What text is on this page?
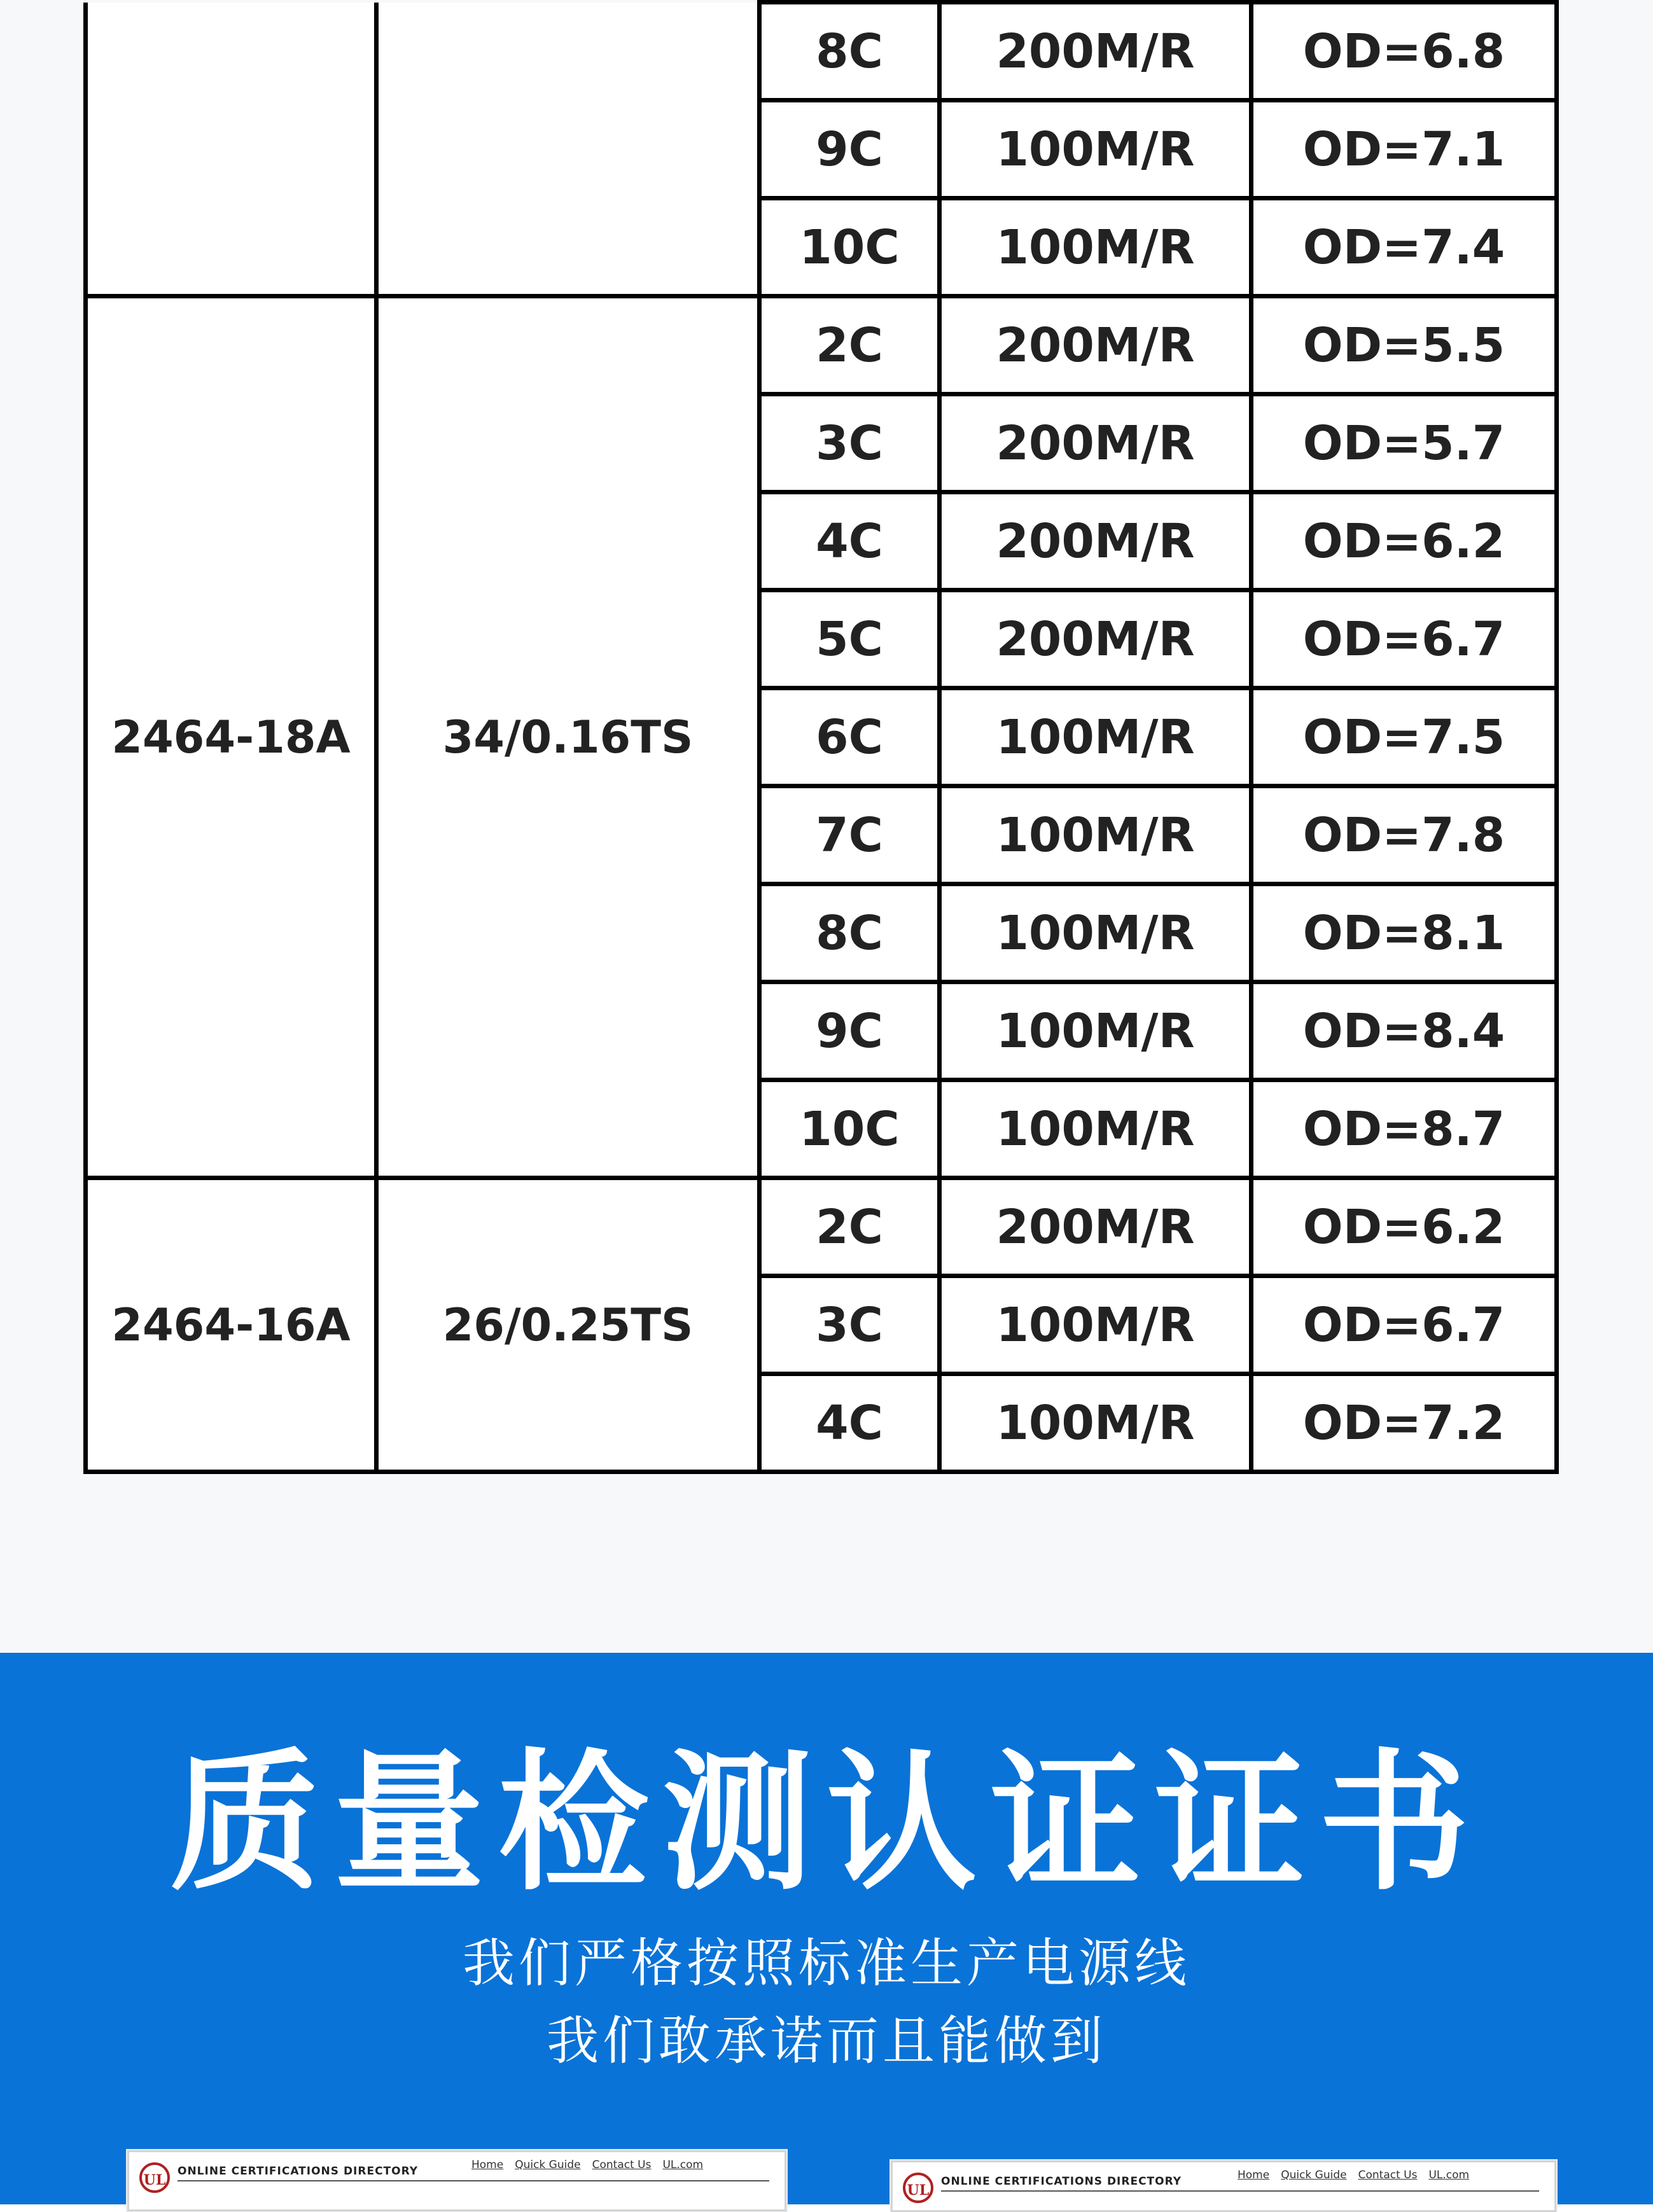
		8C	200M/R	OD=6.8
		9C	100M/R	OD=7.1
		10C	100M/R	OD=7.4
2464-18A	34/0.16TS	2C	200M/R	OD=5.5
		3C	200M/R	OD=5.7
		4C	200M/R	OD=6.2
		5C	200M/R	OD=6.7
		6C	100M/R	OD=7.5
		7C	100M/R	OD=7.8
		8C	100M/R	OD=8.1
		9C	100M/R	OD=8.4
		10C	100M/R	OD=8.7
2464-16A	26/0.25TS	2C	200M/R	OD=6.2
		3C	100M/R	OD=6.7
		4C	100M/R	OD=7.2
质量检测认证证书
我们严格按照标准生产电源线
我们敢承诺而且能做到
UL
ONLINE CERTIFICATIONS DIRECTORY	Home Quick Guide Contact Us UL.com
UL
ONLINE CERTIFICATIONS DIRECTORY	Home Quick Guide Contact Us UL.com
